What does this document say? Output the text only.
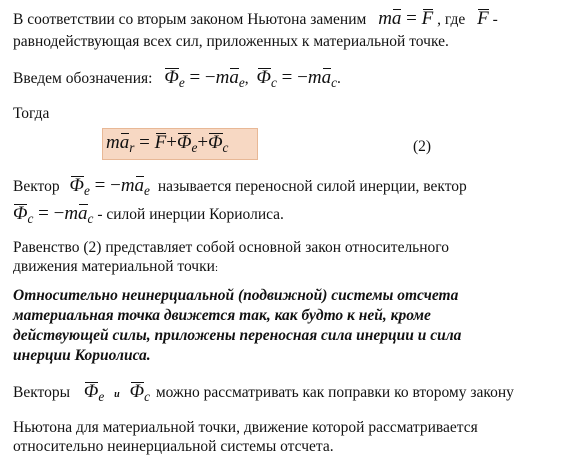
В соответствии со вторым законом Ньютона заменим ma = F , где F -
равнодействующая всех сил, приложенных к материальной точке.
Введем обозначения: $\Phi_e = -ma_e$, $\Phi_c = -ma_c$.
Тогда
$ma_r = F+\Phi_e+\Phi_c$	(2)
Вектор $\Phi_e = -ma_e$ называется переносной силой инерции, вектор
$\Phi_c = -ma_c$ - силой инерции Кориолиса.
Равенство (2) представляет собой основной закон относительного
движения материальной точки:
Относительно неинерциальной (подвижной) системы отсчета
материальная точка движется так, как будто к ней, кроме
действующей силы, приложены переносная сила инерции и сила
инерции Кориолиса.
Векторы $\Phi_e$ и $\Phi_c$ можно рассматривать как поправки ко второму закону
Ньютона для материальной точки, движение которой рассматривается
относительно неинерциальной системы отсчета.
